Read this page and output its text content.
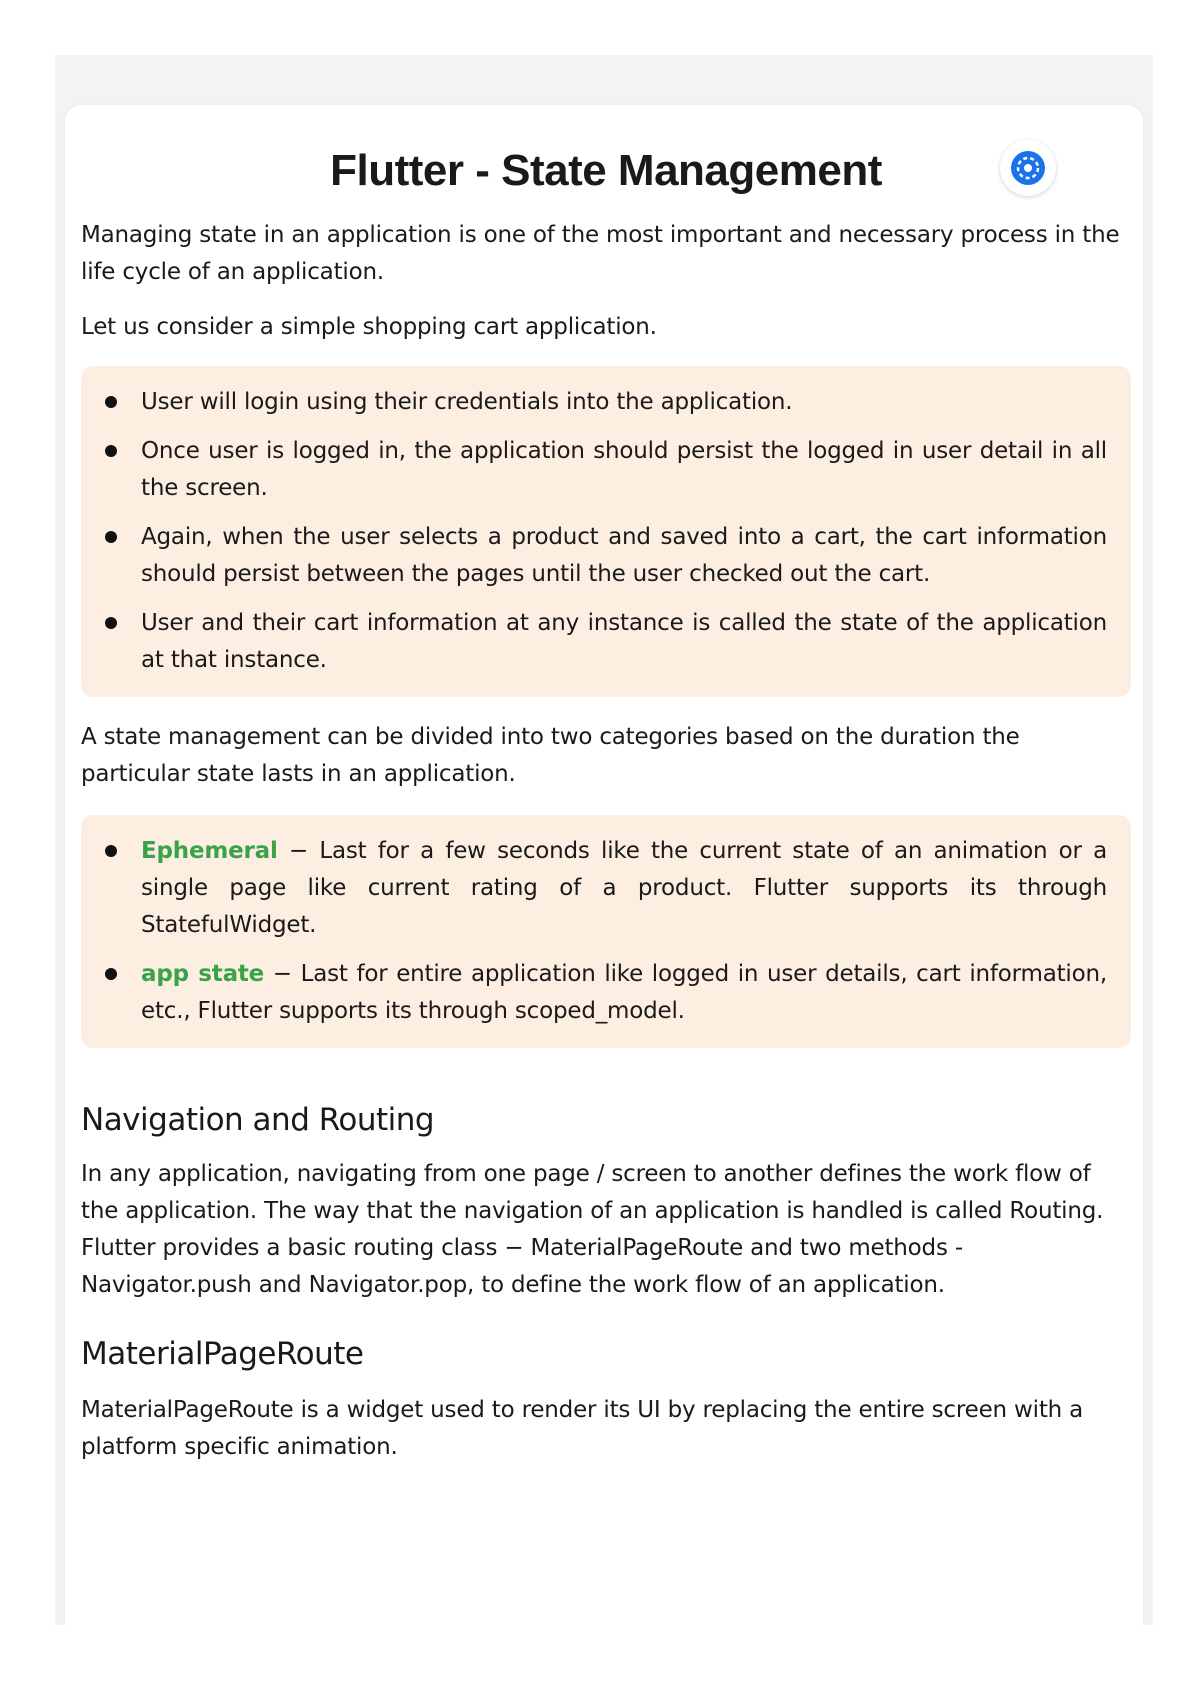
Flutter - State Management

Managing state in an application is one of the most important and necessary process in the life cycle of an application.

Let us consider a simple shopping cart application.

User will login using their credentials into the application.
Once user is logged in, the application should persist the logged in user detail in all the screen.
Again, when the user selects a product and saved into a cart, the cart information should persist between the pages until the user checked out the cart.
User and their cart information at any instance is called the state of the application at that instance.

A state management can be divided into two categories based on the duration the particular state lasts in an application.

Ephemeral − Last for a few seconds like the current state of an animation or a single page like current rating of a product. Flutter supports its through StatefulWidget.
app state − Last for entire application like logged in user details, cart information, etc., Flutter supports its through scoped_model.
Navigation and Routing

In any application, navigating from one page / screen to another defines the work flow of the application. The way that the navigation of an application is handled is called Routing. Flutter provides a basic routing class − MaterialPageRoute and two methods - Navigator.push and Navigator.pop, to define the work flow of an application.

MaterialPageRoute

MaterialPageRoute is a widget used to render its UI by replacing the entire screen with a platform specific animation.
